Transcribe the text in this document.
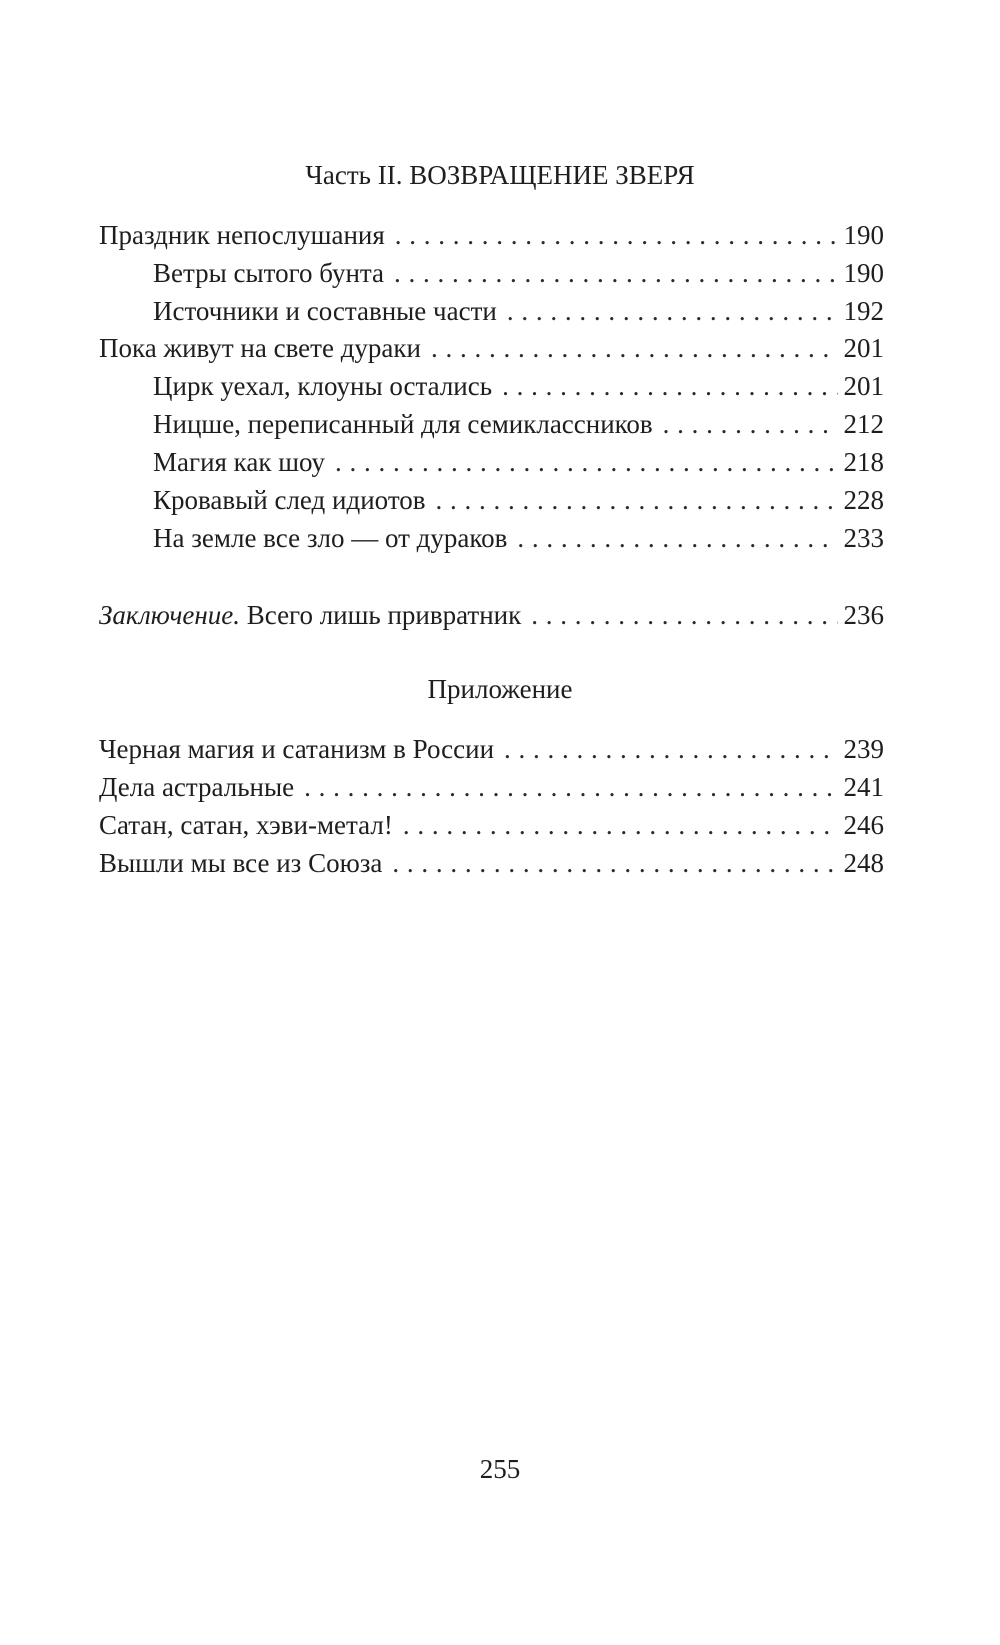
Часть II. ВОЗВРАЩЕНИЕ ЗВЕРЯ
Праздник непослушания . . .	190
Ветры сытого бунта . . .	190
Источники и составные части . . .	192
Пока живут на свете дураки . . .	201
Цирк уехал, клоуны остались . . .	201
Ницше, переписанный для семиклассников . . .	212
Магия как шоу . . .	218
Кровавый след идиотов . . .	228
На земле все зло — от дураков . . .	233
Заключение. Всего лишь привратник . . .	236
Приложение
Черная магия и сатанизм в России . . .	239
Дела астральные . . .	241
Сатан, сатан, хэви-метал! . . .	246
Вышли мы все из Союза . . .	248
255
